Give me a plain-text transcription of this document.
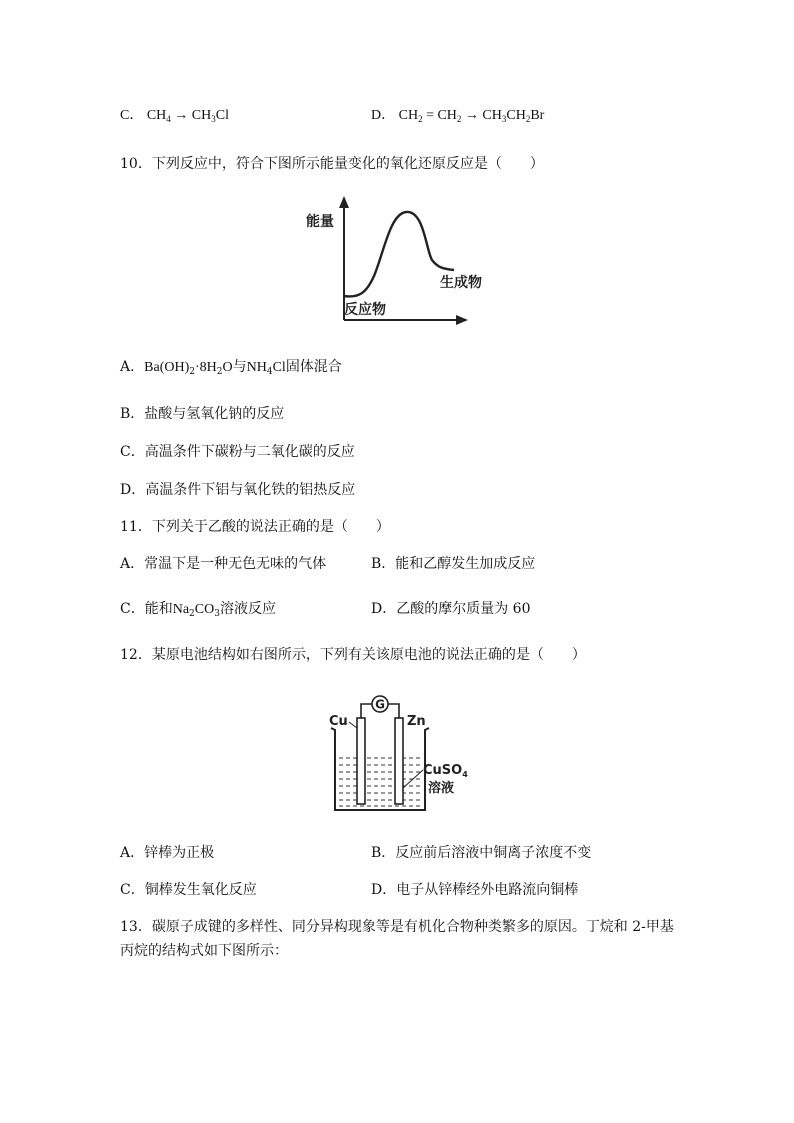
C． $CH_4 \to CH_3Cl$	D． $CH_2 = CH_2 \to CH_3CH_2Br$
10．下列反应中，符合下图所示能量变化的氧化还原反应是（　　）
能量
反应物
生成物
A．$Ba(OH)_2\cdot 8H_2O$与$NH_4Cl$固体混合
B．盐酸与氢氧化钠的反应
C．高温条件下碳粉与二氧化碳的反应
D．高温条件下铝与氧化铁的铝热反应
11．下列关于乙酸的说法正确的是（　　）
A．常温下是一种无色无味的气体	B．能和乙醇发生加成反应
C．能和$Na_2CO_3$溶液反应	D．乙酸的摩尔质量为 60
12．某原电池结构如右图所示，下列有关该原电池的说法正确的是（　　）
G
Cu	Zn
CuSO$_4$
溶液
A．锌棒为正极	B．反应前后溶液中铜离子浓度不变
C．铜棒发生氧化反应	D．电子从锌棒经外电路流向铜棒
13．碳原子成键的多样性、同分异构现象等是有机化合物种类繁多的原因。丁烷和 2-甲基
丙烷的结构式如下图所示：
